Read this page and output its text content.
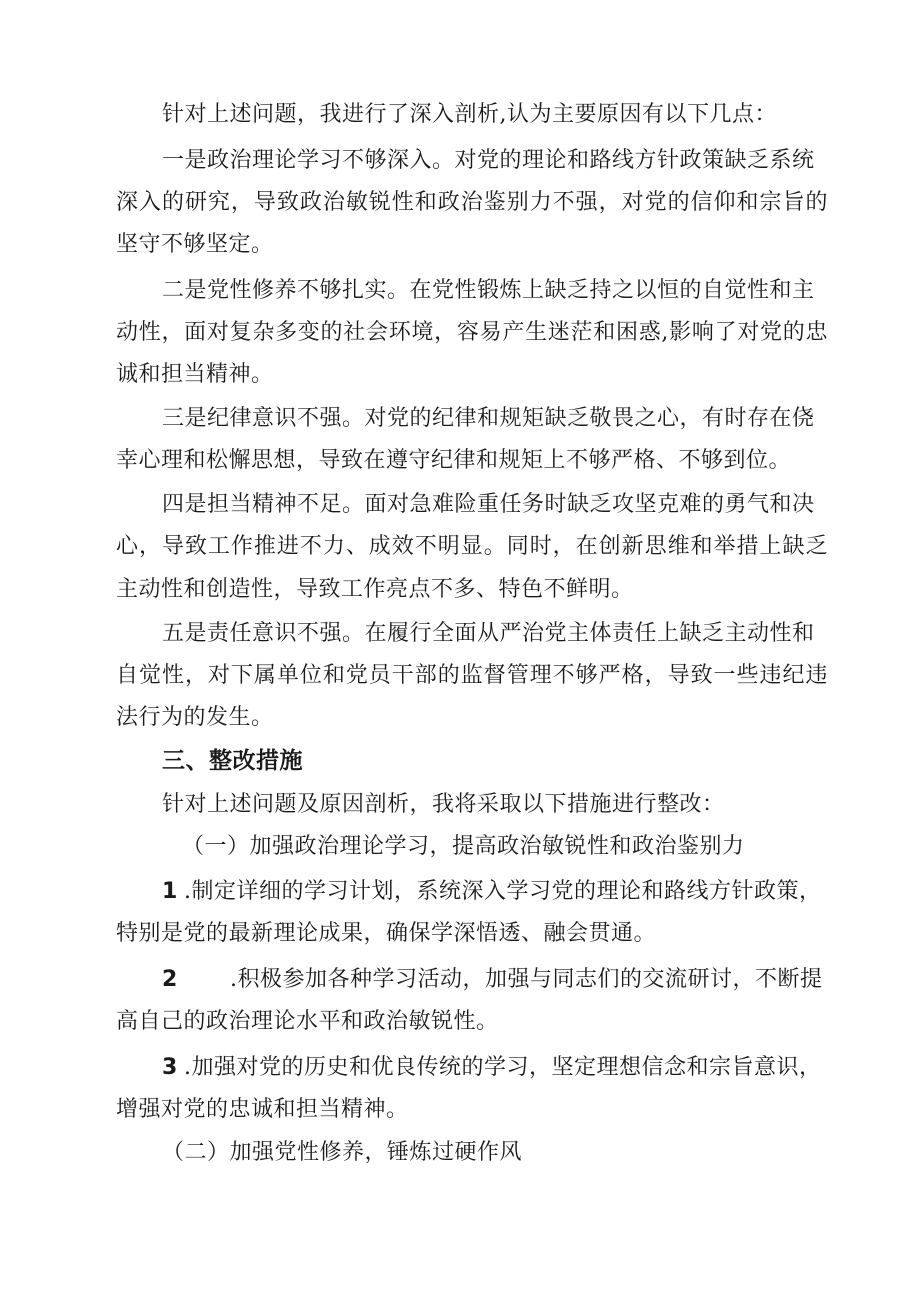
针对上述问题，我进行了深入剖析,认为主要原因有以下几点：
一是政治理论学习不够深入。对党的理论和路线方针政策缺乏系统
深入的研究，导致政治敏锐性和政治鉴别力不强，对党的信仰和宗旨的
坚守不够坚定。
二是党性修养不够扎实。在党性锻炼上缺乏持之以恒的自觉性和主
动性，面对复杂多变的社会环境，容易产生迷茫和困惑,影响了对党的忠
诚和担当精神。
三是纪律意识不强。对党的纪律和规矩缺乏敬畏之心，有时存在侥
幸心理和松懈思想，导致在遵守纪律和规矩上不够严格、不够到位。
四是担当精神不足。面对急难险重任务时缺乏攻坚克难的勇气和决
心，导致工作推进不力、成效不明显。同时，在创新思维和举措上缺乏
主动性和创造性，导致工作亮点不多、特色不鲜明。
五是责任意识不强。在履行全面从严治党主体责任上缺乏主动性和
自觉性，对下属单位和党员干部的监督管理不够严格，导致一些违纪违
法行为的发生。
三、整改措施
针对上述问题及原因剖析，我将采取以下措施进行整改：
（一）加强政治理论学习，提高政治敏锐性和政治鉴别力
1 .制定详细的学习计划，系统深入学习党的理论和路线方针政策，
特别是党的最新理论成果，确保学深悟透、融会贯通。
2 .积极参加各种学习活动，加强与同志们的交流研讨，不断提
高自己的政治理论水平和政治敏锐性。
3 .加强对党的历史和优良传统的学习，坚定理想信念和宗旨意识，
增强对党的忠诚和担当精神。
（二）加强党性修养，锤炼过硬作风
